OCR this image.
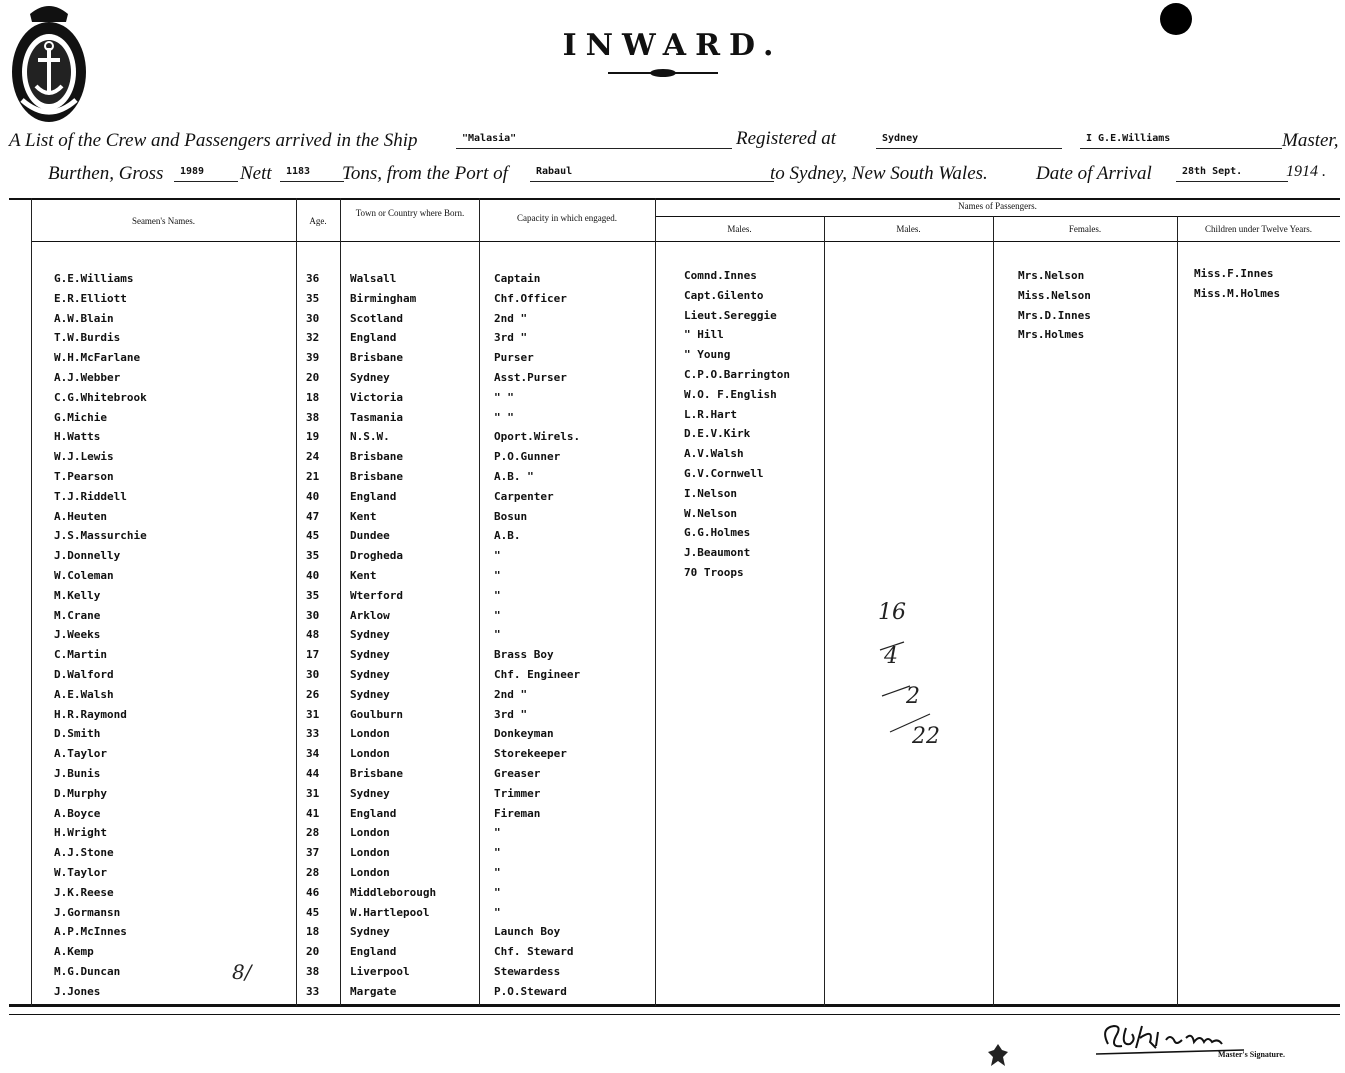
INWARD.
A List of the Crew and Passengers arrived in the Ship	"Malasia"	Registered at	Sydney	I G.E.Williams	Master,
Burthen, Gross	1989	Nett	1183	Tons, from the Port of	Rabaul	to Sydney, New South Wales.	Date of Arrival	28th Sept.	1914 .
Seamen's Names.	Age.
Town or Country where Born.	Capacity in which engaged.
Names of Passengers.
Males.	Males.	Females.	Children under Twelve Years.
G.E.Williams	36	Walsall	Captain
E.R.Elliott	35	Birmingham	Chf.Officer
A.W.Blain	30	Scotland	2nd "
T.W.Burdis	32	England	3rd "
W.H.McFarlane	39	Brisbane	Purser
A.J.Webber	20	Sydney	Asst.Purser
C.G.Whitebrook	18	Victoria	" "
G.Michie	38	Tasmania	" "
H.Watts	19	N.S.W.	Oport.Wirels.
W.J.Lewis	24	Brisbane	P.O.Gunner
T.Pearson	21	Brisbane	A.B. "
T.J.Riddell	40	England	Carpenter
A.Heuten	47	Kent	Bosun
J.S.Massurchie	45	Dundee	A.B.
J.Donnelly	35	Drogheda	"
W.Coleman	40	Kent	"
M.Kelly	35	Wterford	"
M.Crane	30	Arklow	"
J.Weeks	48	Sydney	"
C.Martin	17	Sydney	Brass Boy
D.Walford	30	Sydney	Chf. Engineer
A.E.Walsh	26	Sydney	2nd "
H.R.Raymond	31	Goulburn	3rd "
D.Smith	33	London	Donkeyman
A.Taylor	34	London	Storekeeper
J.Bunis	44	Brisbane	Greaser
D.Murphy	31	Sydney	Trimmer
A.Boyce	41	England	Fireman
H.Wright	28	London	"
A.J.Stone	37	London	"
W.Taylor	28	London	"
J.K.Reese	46	Middleborough	"
J.Gormansn	45	W.Hartlepool	"
A.P.McInnes	18	Sydney	Launch Boy
A.Kemp	20	England	Chf. Steward
M.G.Duncan	38	Liverpool	Stewardess
J.Jones	33	Margate	P.O.Steward
Comnd.Innes
Capt.Gilento
Lieut.Sereggie
" Hill
" Young
C.P.O.Barrington
W.O. F.English
L.R.Hart
D.E.V.Kirk
A.V.Walsh
G.V.Cornwell
I.Nelson
W.Nelson
G.G.Holmes
J.Beaumont
70 Troops
Mrs.Nelson
Miss.Nelson
Mrs.D.Innes
Mrs.Holmes
Miss.F.Innes
Miss.M.Holmes
16
4
2
22
8/
Master's Signature.
